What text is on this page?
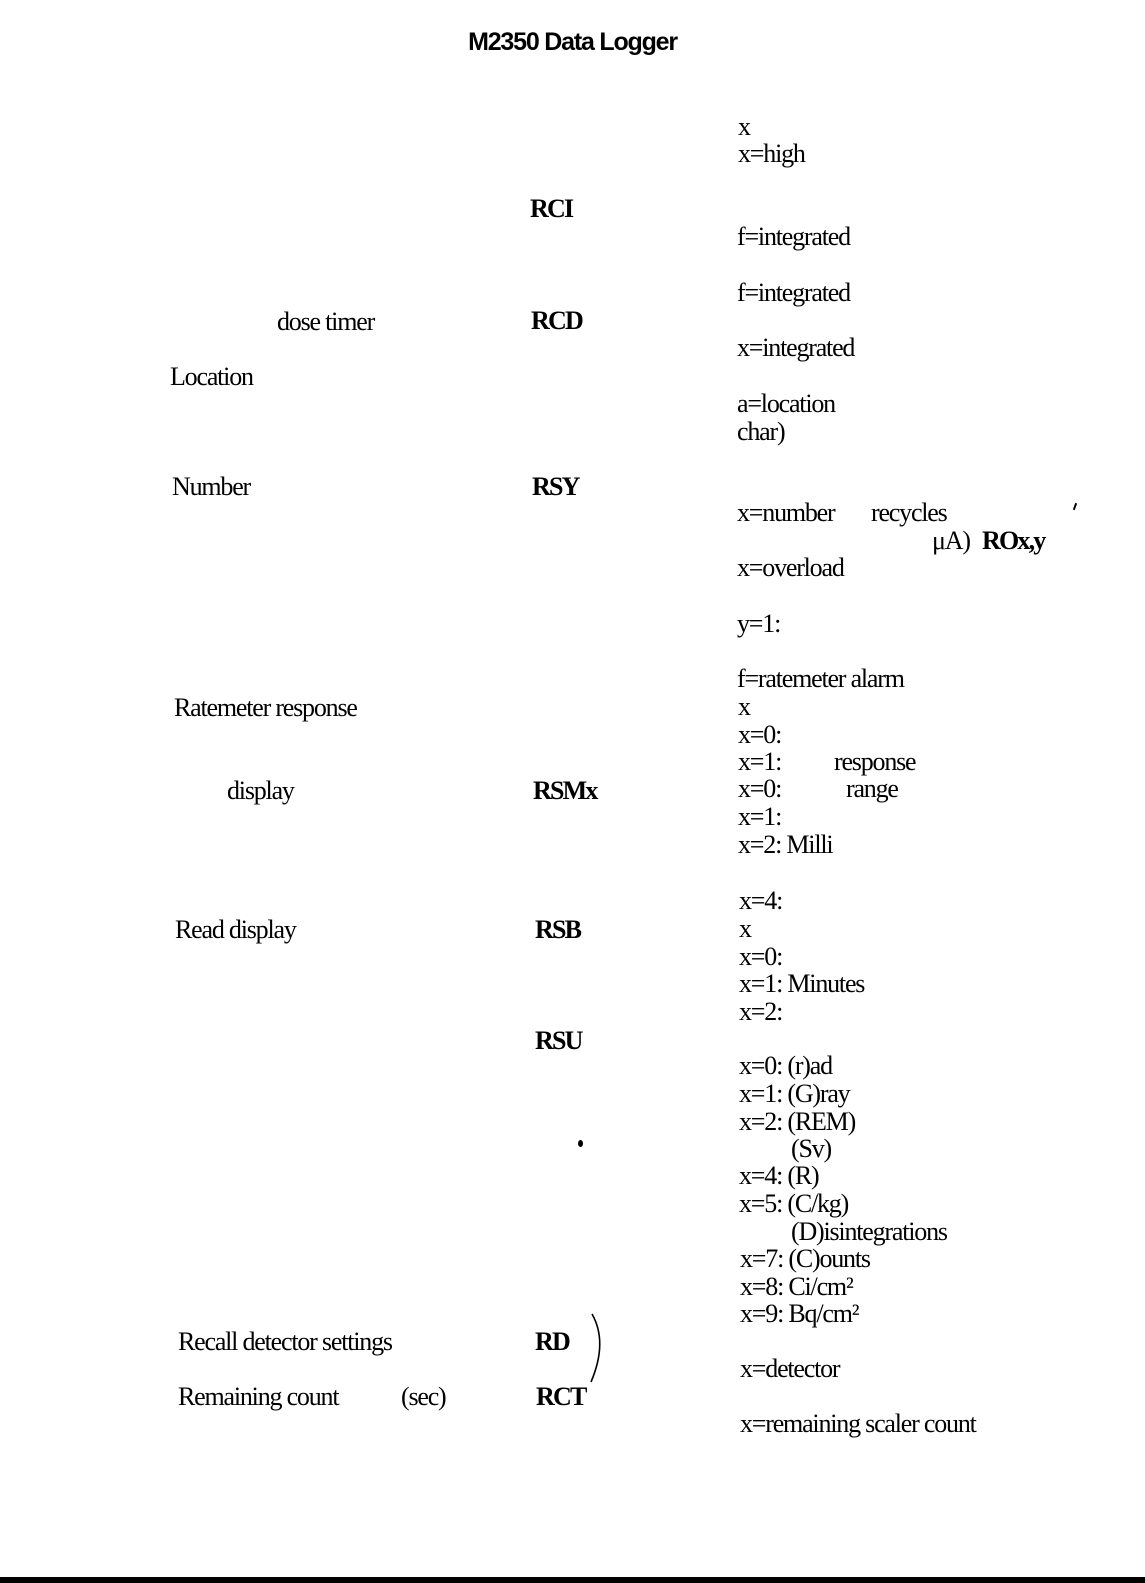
M2350 Data Logger
dose timer
Location
Number
Ratemeter response
display
Read display
Recall detector settings
Remaining count (sec)
RCI
RCD
RSY
RSMx
RSB
RSU
RD
RCT
x
x=high
f=integrated
f=integrated
x=integrated
a=location
char)
x=number recycles
μA) ROx,y
x=overload
y=1:
f=ratemeter alarm
x
x=0:
x=1: response
x=0: range
x=1:
x=2: Milli
x=4:
x
x=0:
x=1: Minutes
x=2:
x=0: (r)ad
x=1: (G)ray
x=2: (REM)
(Sv)
x=4: (R)
x=5: (C/kg)
(D)isintegrations
x=7: (C)ounts
x=8: Ci/cm²
x=9: Bq/cm²
x=detector
x=remaining scaler count
